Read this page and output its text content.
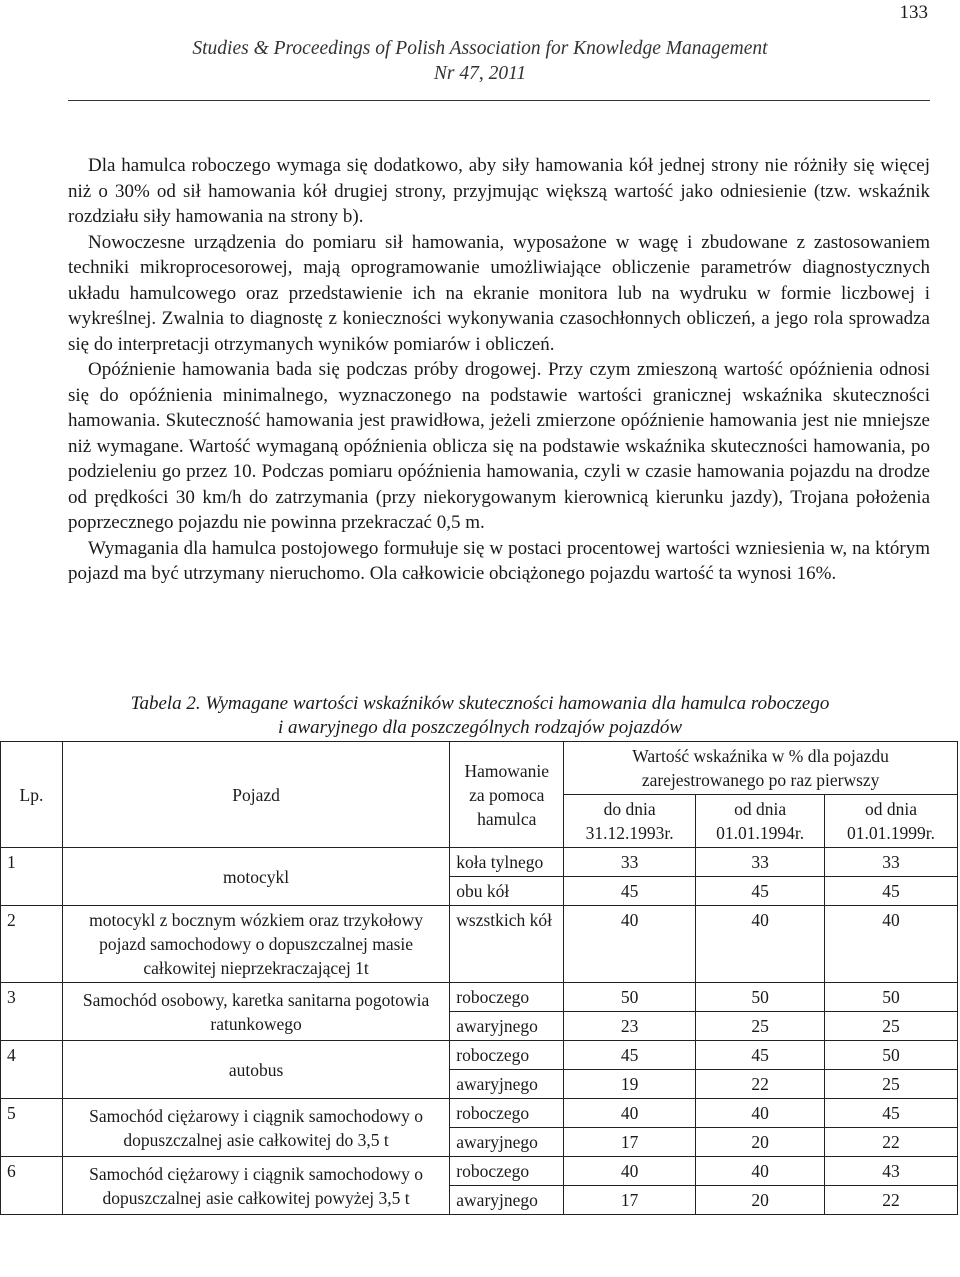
133
Studies & Proceedings of Polish Association for Knowledge Management
Nr 47, 2011

Dla hamulca roboczego wymaga się dodatkowo, aby siły hamowania kół jednej strony nie różniły się więcej niż o 30% od sił hamowania kół drugiej strony, przyjmując większą wartość jako odniesienie (tzw. wskaźnik rozdziału siły hamowania na strony b).

Nowoczesne urządzenia do pomiaru sił hamowania, wyposażone w wagę i zbudowane z zastosowaniem techniki mikroprocesorowej, mają oprogramowanie umożliwiające obliczenie parametrów diagnostycznych układu hamulcowego oraz przedstawienie ich na ekranie monitora lub na wydruku w formie liczbowej i wykreślnej. Zwalnia to diagnostę z konieczności wykonywania czasochłonnych obliczeń, a jego rola sprowadza się do interpretacji otrzymanych wyników pomiarów i obliczeń.

Opóźnienie hamowania bada się podczas próby drogowej. Przy czym zmieszoną wartość opóźnienia odnosi się do opóźnienia minimalnego, wyznaczonego na podstawie wartości granicznej wskaźnika skuteczności hamowania. Skuteczność hamowania jest prawidłowa, jeżeli zmierzone opóźnienie hamowania jest nie mniejsze niż wymagane. Wartość wymaganą opóźnienia oblicza się na podstawie wskaźnika skuteczności hamowania, po podzieleniu go przez 10. Podczas pomiaru opóźnienia hamowania, czyli w czasie hamowania pojazdu na drodze od prędkości 30 km/h do zatrzymania (przy niekorygowanym kierownicą kierunku jazdy), Trojana położenia poprzecznego pojazdu nie powinna przekraczać 0,5 m.

Wymagania dla hamulca postojowego formułuje się w postaci procentowej wartości wzniesienia w, na którym pojazd ma być utrzymany nieruchomo. Ola całkowicie obciążonego pojazdu wartość ta wynosi 16%.

Tabela 2. Wymagane wartości wskaźników skuteczności hamowania dla hamulca roboczego
i awaryjnego dla poszczególnych rodzajów pojazdów
Lp.	Pojazd	Hamowanie za pomoca hamulca	Wartość wskaźnika w % dla pojazdu zarejestrowanego po raz pierwszy		
			do dnia 31.12.1993r.	od dnia 01.01.1994r.	od dnia 01.01.1999r.
1	motocykl	koła tylnego	33	33	33
		obu kół	45	45	45
2	motocykl z bocznym wózkiem oraz trzykołowy pojazd samochodowy o dopuszczalnej masie całkowitej nieprzekraczającej 1t	wszstkich kół	40	40	40
3	Samochód osobowy, karetka sanitarna pogotowia ratunkowego	roboczego	50	50	50
		awaryjnego	23	25	25
4	autobus	roboczego	45	45	50
		awaryjnego	19	22	25
5	Samochód ciężarowy i ciągnik samochodowy o dopuszczalnej asie całkowitej do 3,5 t	roboczego	40	40	45
		awaryjnego	17	20	22
6	Samochód ciężarowy i ciągnik samochodowy o dopuszczalnej asie całkowitej powyżej 3,5 t	roboczego	40	40	43
		awaryjnego	17	20	22
